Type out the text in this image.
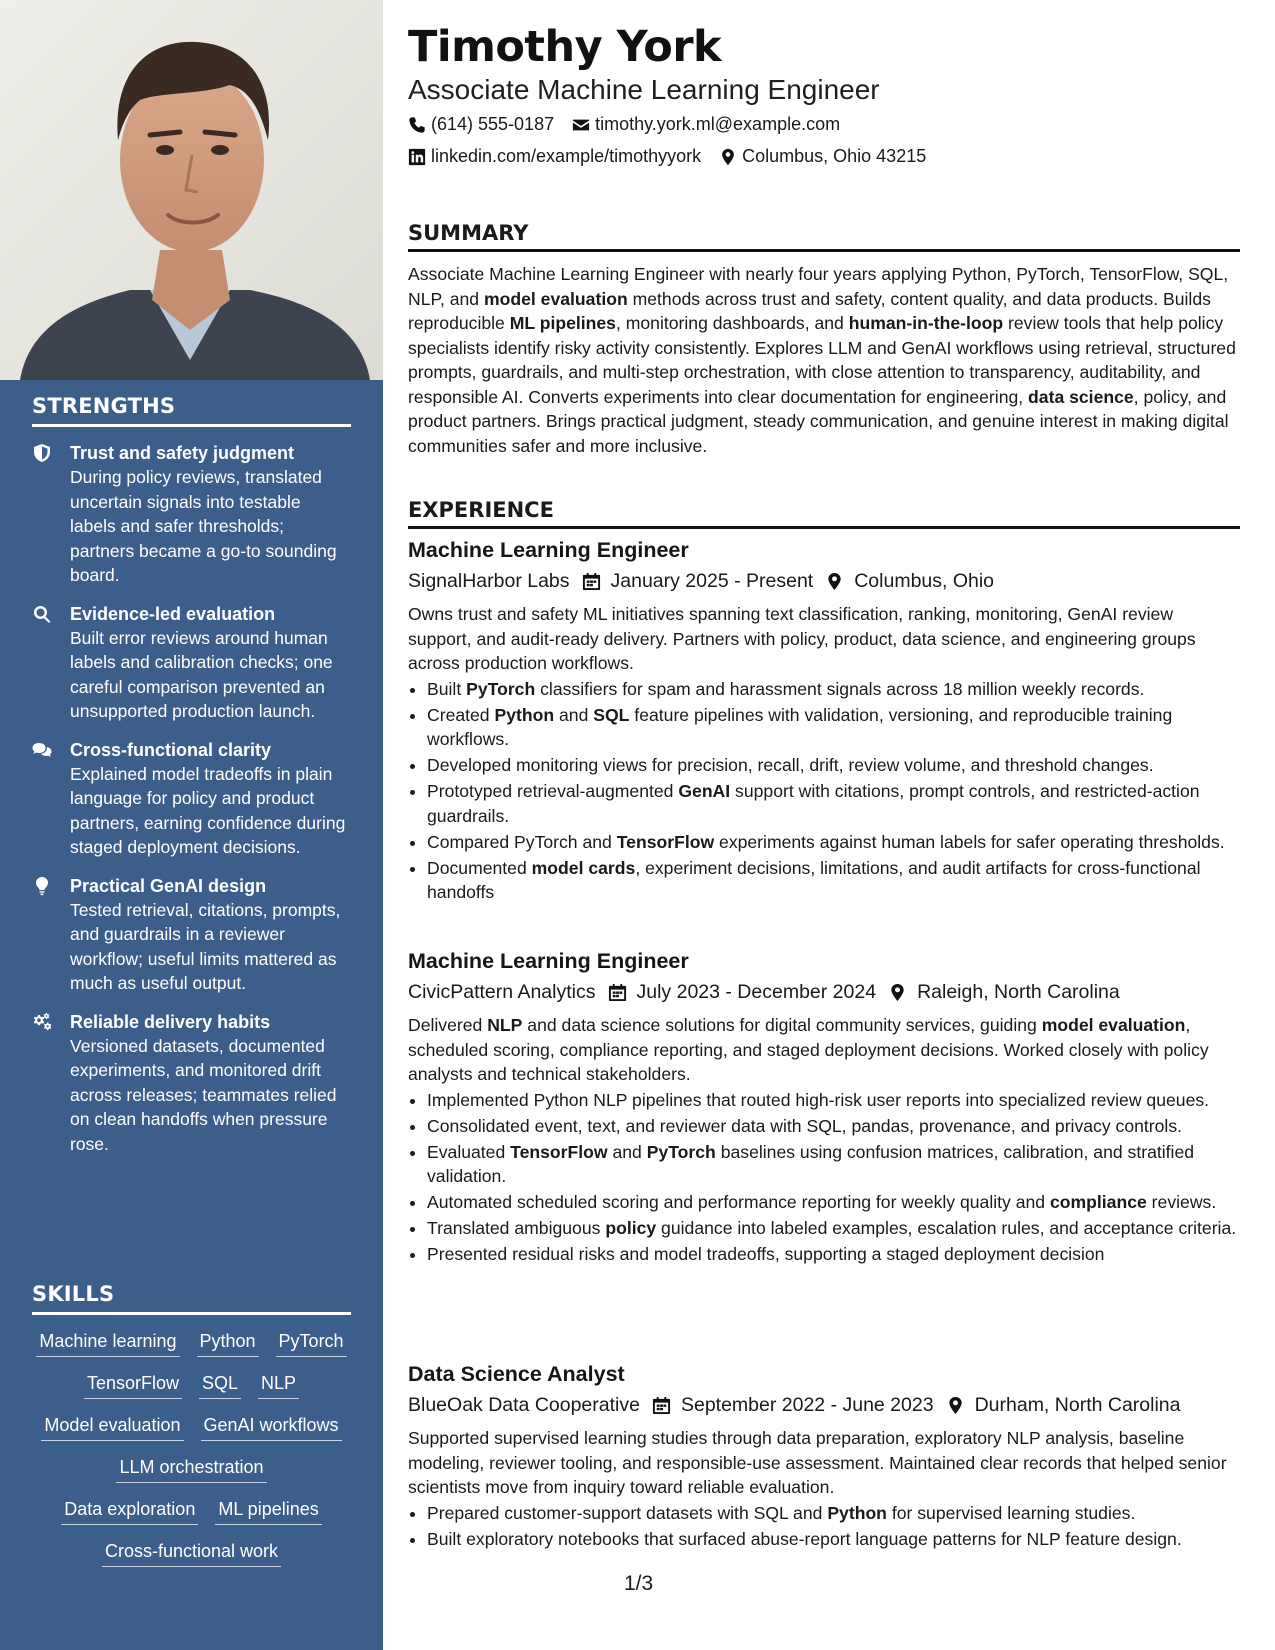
STRENGTHS
Trust and safety judgment
During policy reviews, translated uncertain signals into testable labels and safer thresholds; partners became a go-to sounding board.
Evidence-led evaluation
Built error reviews around human labels and calibration checks; one careful comparison prevented an unsupported production launch.
Cross-functional clarity
Explained model tradeoffs in plain language for policy and product partners, earning confidence during staged deployment decisions.
Practical GenAI design
Tested retrieval, citations, prompts, and guardrails in a reviewer workflow; useful limits mattered as much as useful output.
Reliable delivery habits
Versioned datasets, documented experiments, and monitored drift across releases; teammates relied on clean handoffs when pressure rose.
SKILLS
Machine learning Python PyTorch
TensorFlow SQL NLP
Model evaluation GenAI workflows
LLM orchestration
Data exploration ML pipelines
Cross-functional work
Timothy York
Associate Machine Learning Engineer
(614) 555-0187 timothy.york.ml@example.com
linkedin.com/example/timothyyork Columbus, Ohio 43215
SUMMARY
Associate Machine Learning Engineer with nearly four years applying Python, PyTorch, TensorFlow, SQL, NLP, and model evaluation methods across trust and safety, content quality, and data products. Builds reproducible ML pipelines, monitoring dashboards, and human-in-the-loop review tools that help policy specialists identify risky activity consistently. Explores LLM and GenAI workflows using retrieval, structured prompts, guardrails, and multi-step orchestration, with close attention to transparency, auditability, and responsible AI. Converts experiments into clear documentation for engineering, data science, policy, and product partners. Brings practical judgment, steady communication, and genuine interest in making digital communities safer and more inclusive.
EXPERIENCE
Machine Learning Engineer
SignalHarbor Labs January 2025 - Present Columbus, Ohio
Owns trust and safety ML initiatives spanning text classification, ranking, monitoring, GenAI review support, and audit-ready delivery. Partners with policy, product, data science, and engineering groups across production workflows.
• Built PyTorch classifiers for spam and harassment signals across 18 million weekly records.
• Created Python and SQL feature pipelines with validation, versioning, and reproducible training workflows.
• Developed monitoring views for precision, recall, drift, review volume, and threshold changes.
• Prototyped retrieval-augmented GenAI support with citations, prompt controls, and restricted-action guardrails.
• Compared PyTorch and TensorFlow experiments against human labels for safer operating thresholds.
• Documented model cards, experiment decisions, limitations, and audit artifacts for cross-functional handoffs
Machine Learning Engineer
CivicPattern Analytics July 2023 - December 2024 Raleigh, North Carolina
Delivered NLP and data science solutions for digital community services, guiding model evaluation, scheduled scoring, compliance reporting, and staged deployment decisions. Worked closely with policy analysts and technical stakeholders.
• Implemented Python NLP pipelines that routed high-risk user reports into specialized review queues.
• Consolidated event, text, and reviewer data with SQL, pandas, provenance, and privacy controls.
• Evaluated TensorFlow and PyTorch baselines using confusion matrices, calibration, and stratified validation.
• Automated scheduled scoring and performance reporting for weekly quality and compliance reviews.
• Translated ambiguous policy guidance into labeled examples, escalation rules, and acceptance criteria.
• Presented residual risks and model tradeoffs, supporting a staged deployment decision
Data Science Analyst
BlueOak Data Cooperative September 2022 - June 2023 Durham, North Carolina
Supported supervised learning studies through data preparation, exploratory NLP analysis, baseline modeling, reviewer tooling, and responsible-use assessment. Maintained clear records that helped senior scientists move from inquiry toward reliable evaluation.
• Prepared customer-support datasets with SQL and Python for supervised learning studies.
• Built exploratory notebooks that surfaced abuse-report language patterns for NLP feature design.
1/3
